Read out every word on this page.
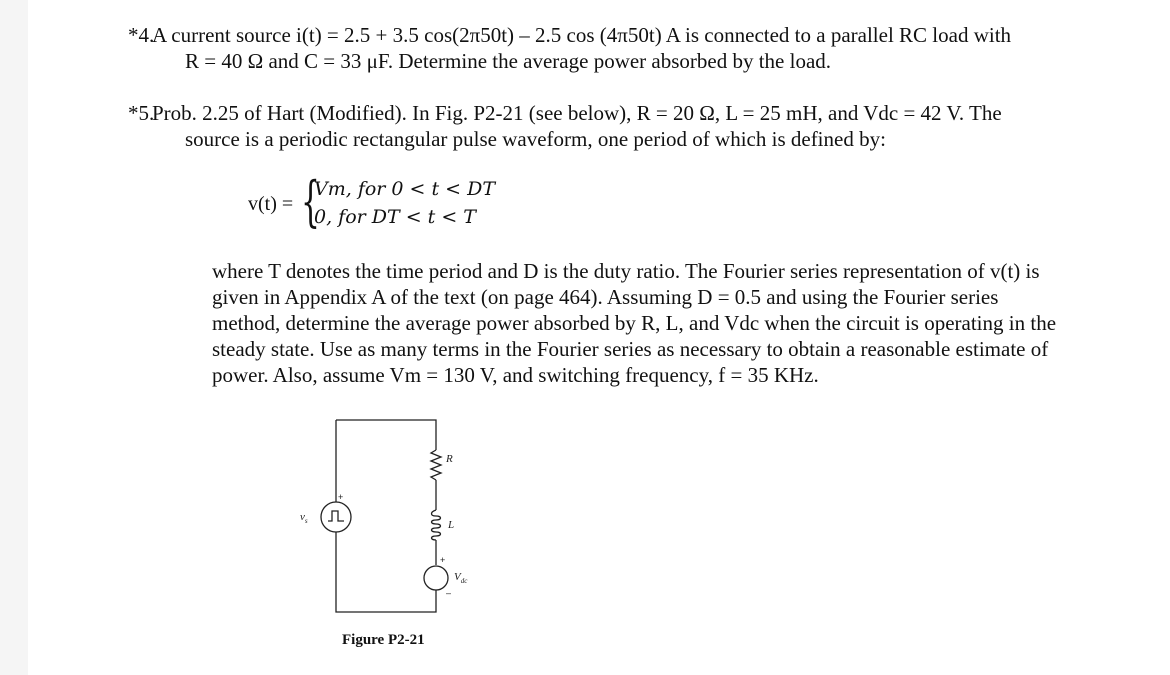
*4.
A current source i(t) = 2.5 + 3.5 cos(2π50t) – 2.5 cos (4π50t) A is connected to a parallel RC load with
R = 40 Ω and C = 33 μF. Determine the average power absorbed by the load.
*5.
Prob. 2.25 of Hart (Modified). In Fig. P2-21 (see below), R = 20 Ω, L = 25 mH, and Vdc = 42 V. The
source is a periodic rectangular pulse waveform, one period of which is defined by:
v(t) = {
Vm, for 0 < t < DT
0, for DT < t < T
where T denotes the time period and D is the duty ratio. The Fourier series representation of v(t) is
given in Appendix A of the text (on page 464). Assuming D = 0.5 and using the Fourier series
method, determine the average power absorbed by R, L, and Vdc when the circuit is operating in the
steady state. Use as many terms in the Fourier series as necessary to obtain a reasonable estimate of
power. Also, assume Vm = 130 V, and switching frequency, f = 35 KHz.
$v_s$
R
L
$V_{dc}$
+
+
–
Figure P2-21
